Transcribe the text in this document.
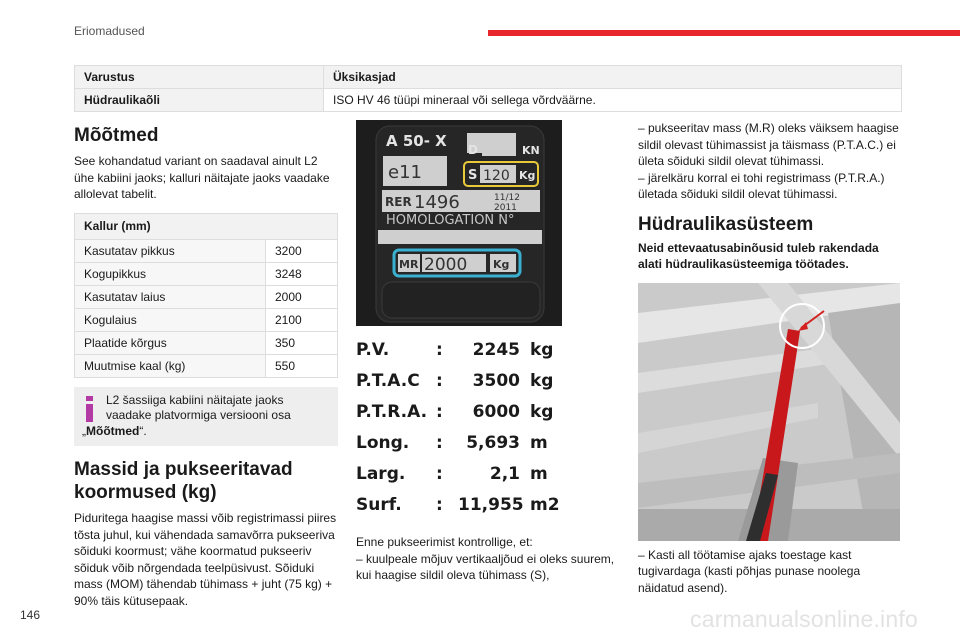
Eriomadused
Varustus	Üksikasjad
Hüdraulikaõli	ISO HV 46 tüüpi mineraal või sellega võrdväärne.
Mõõtmed

See kohandatud variant on saadaval ainult L2 ühe kabiini jaoks; kalluri näitajate jaoks vaadake allolevat tabelit.

Kallur (mm)	
Kasutatav pikkus	3200
Kogupikkus	3248
Kasutatav laius	2000
Kogulaius	2100
Plaatide kõrgus	350
Muutmise kaal (kg)	550
L2 šassiiga kabiini näitajate jaoks vaadake platvormiga versiooni osa
„Mõõtmed“.
Massid ja pukseeritavad koormused (kg)

Piduritega haagise massi võib registrimassi piires tõsta juhul, kui vähendada samavõrra pukseeriva sõiduki koormust; vähe koormatud pukseeriv sõiduk võib nõrgendada teelpüsivust. Sõiduki mass (MOM) tähendab tühimass + juht (75 kg) + 90% täis kütusepaak.

A 50- X
e11
D	KN
S 120 Kg
RER 1496	11/12
2011
HOMOLOGATION N°
MR 2000 Kg
P.V.	:	2245 kg
P.T.A.C :	3500 kg
P.T.R.A. :	6000 kg
Long.	:	5,693 m
Larg.	:	2,1 m
Surf.	: 11,955 m2

Enne pukseerimist kontrollige, et:

– kuulpeale mõjuv vertikaaljõud ei oleks suurem, kui haagise sildil oleva tühimass (S),

– pukseeritav mass (M.R) oleks väiksem haagise sildil olevast tühimassist ja täismass (P.T.A.C.) ei ületa sõiduki sildil olevat tühimassi.

– järelkäru korral ei tohi registrimass (P.T.R.A.) ületada sõiduki sildil olevat tühimassi.

Hüdraulikasüsteem

Neid ettevaatusabinõusid tuleb rakendada alati hüdraulikasüsteemiga töötades.

– Kasti all töötamise ajaks toestage kast tugivardaga (kasti põhjas punase noolega näidatud asend).

146	carmanualsonline.info
